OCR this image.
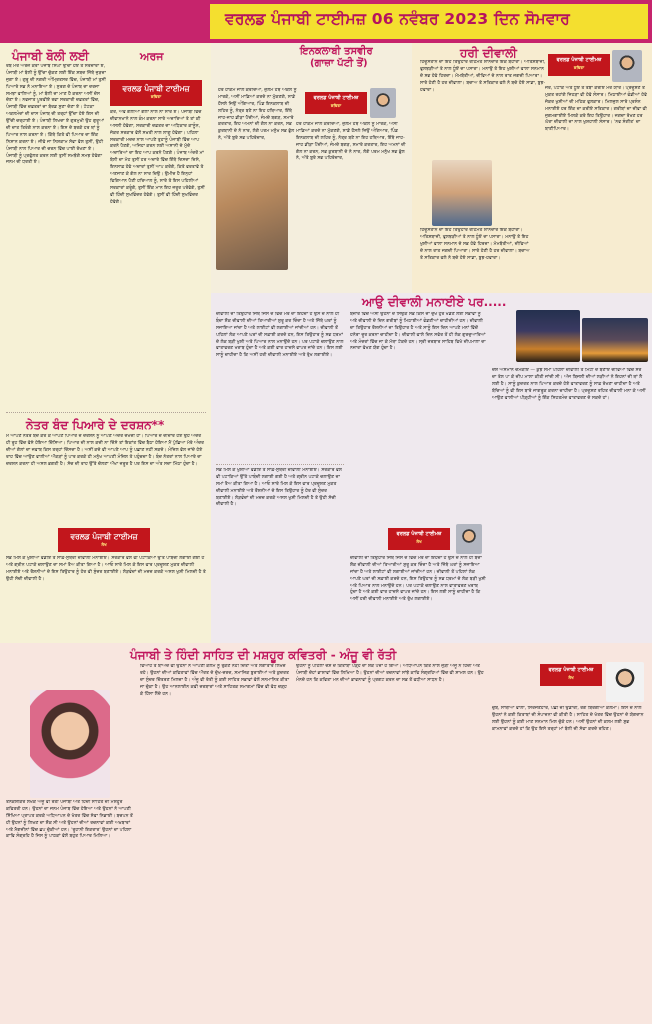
ਵਰਲਡ ਪੰਜਾਬੀ ਟਾਈਮਜ਼ 06 ਨਵੰਬਰ 2023 ਦਿਨ ਸੋਮਵਾਰ
ਪੰਜਾਬੀ ਬੋਲੀ ਲਈ	ਅਰਜ
ਵਰਲਡ ਪੰਜਾਬੀ ਟਾਈਮਜ਼
ਕਵਿਤਾ
ਰੱਬ ਮੇਰੇ ਅਰਜ਼ ਕਰਾਂ ਪੰਜਾਬ ਸਿੰਘਾਂ ਉੱਚਾ ਹੋਏ ਤੇ ਸਰਦਾਰਾ ਏ, ਪੰਜਾਬੀ ਮਾਂ ਬੋਲੀ ਨੂੰ ਉੱਚਾ ਚੁੱਕਣ ਲਈ ਇੱਕ ਸ਼ਬਦ ਜਿੱਥੇ ਜੁੜਦਾ ਜੁਗਾ ਏ। ਗੁਰੂ ਦੀ ਨਗਰੀ ਅੰਮ੍ਰਿਤਸਰ ਵਿੱਚ, ਪੰਜਾਬੀ ਮਾਂ ਤੁਸੀਂ ਪਿਆਰੇ ਸਭ ਨੇ ਮਨਾਇਆ ਏ। ਸੁਰਗ ਦੇ ਪੰਜਾਬ ਦਾ ਦਰਜਾ ਸਮਝਾ ਵਾਲਿਆਂ ਨੂੰ, ਮਾਂ ਬੋਲੀ ਦਾ ਮਾਣ ਹੈ ਕਰਨਾ ਅਸੀਂ ਦੱਸ ਦੇਣਾ ਏ। ਨਵਜਾਤ ਪੂਰਵੀਏ ਰਵਾ ਸਰਕਾਰੀ ਦਫ਼ਤਰਾਂ ਵਿੱਚ, ਪੰਜਾਬੀ ਵਿੱਚ ਦਫ਼ਤਰਾਂ ਦਾ ਬੋਰਡ ਸੁਣਾ ਦੇਣਾ ਏ। ਟੋਟਕਾ ਅਕਲਮੰਦਾਂ ਦੀ ਦਾਸ ਪੰਜਾਬ ਦੀ ਤਰ੍ਹਾਂ ਉੱਚਾ ਹੋਏ ਇਸ ਦੀ ਉੱਚੀ ਚਰ੍ਹਾਈ ਏ। ਪੰਜਾਬੀ ਲਿਖਦਾ ਏ ਗੁਰਮੁਖੀ ਉਹ ਗੁਰੂਆਂ ਦੀ ਦਾਤ ਤਿਰੰਗੇ ਨਾਲ ਕਰਨਾ ਏ। ਇਸ ਦੇ ਬਰਕੇ ਹਰ ਥਾਂ ਨੂੰ ਪਿਆਰ ਨਾਲ ਕਰਨਾ ਏ। ਕਿੱਥੇ ਕਿਤੇ ਵੀ ਪਿਆਰ ਦਾ ਇੱਕ ਨਿਸ਼ਾਨ ਕਰਨਾ ਏ। ਜੀਵੇ ਜਾ ਨਿਸ਼ਕਾਮ ਸੇਵਾ ਵੱਲ ਤੁਸੀਂ, ਉਹੀ ਪੰਜਾਬੀ ਨਾਲ ਪਿਆਰ ਦੀ ਚਰਨ ਵਿੱਚ ਪਾਈ ਰੱਖਣਾ ਏ। ਪੰਜਾਬੀ ਨੂੰ ਪ੍ਰਫੁੱਲਤ ਕਰਨ ਲਈ ਤੁਸੀਂ ਸਮਝੋਗੇ ਸਮਝ ਹੋਵੇਗਾ ਜਨਮ ਦੀ ਧਰਤੀ ਏ।
ਕਰੋ, ਐਵੇਂ ਗੱਲੀਆਂ ਗੱਲਾਂ ਨਾਲ ਨਾ ਸਾਰੋ ਏ। ਪੰਜਾਬੀ ਵਿੱਚ ਦੀਵਾਨਖਾਨੇ ਨਾਲ ਕੰਮ ਕਰਨਾ ਸਾਰੇ ਅਦਾਰਿਆਂ ਤੇ ਤਾਂ ਕੀ ਅਸਲੀ ਹੋਵੇਗਾ, ਸਰਕਾਰੀ ਦਫ਼ਤਰ ਦਾ ਅਧਿਕਾਰ ਕਾਨੂੰਨ, ਜੇਕਰ ਸਰਕਾਰ ਵੱਲੋਂ ਸਖ਼ਤੀ ਨਾਲ ਲਾਗੂ ਹੋਵੇਗਾ। ਪਹਿਲਾ ਸਰਕਾਰੀ ਮਦਦ ਨਾਲ ਆਪਣੇ ਤੁਹਾਨੂੰ ਪੰਜਾਬੀ ਵਿੱਚ ਆਪ ਕਰਨੇ ਪੈਣਗੇ, ਅਜਿਹਾ ਕਰਨ ਲਈ ਅਸਾਨੀ ਦੇ ਮੁੱਦੇ ਅਦਾਰਿਆਂ ਦਾ ਇਹ ਆਪ ਕਰਨੇ ਪੈਣਗੇ। ਪੰਜਾਬ ਅੰਦਰੋਂ ਮਾਂ ਬੋਲੀ ਦਾ ਮੋਹ ਤੁਸੀਂ ਹਰ ਅਦਾਰੇ ਵਿੱਚ ਇੱਥੇ ਦਿਸਦਾ ਦਿਸੇ, ਇਨਸਾਫ਼ ਹੋਵੇ ਅਦਾਰਾਂ ਤੁਸੀਂ ਆਪ ਕਰੋਗੇ, ਕਿਤੇ ਵਰਤਾਵੇ ਤੇ ਅਣਜਾਣ ਕੇ ਗੱਲ ਨਾ ਸਾਰ ਦਿਉ। ਉਮੀਦ ਹੈ ਇਨ੍ਹਾਂ ਵਿਗਿਆਨ ਪੈਣੀ ਹਰਿਆਲ ਨੂੰ, ਸਾਰੇ ਤੇ ਇਸ ਪਹਿਲੀਆਂ ਸਰਕਾਰਾਂ ਕਰੂੰਗੇ, ਤੁਸੀਂ ਇੱਕ ਮਾਨ ਇਹ ਜਰੂਰ ਪਰੋਵੇਗੇ, ਤੁਸੀਂ ਵੀ ਹਿੰਦੀ ਸੁਖਵਿੰਦਰ ਹੋਵੇਗੇ। ਤੁਸੀਂ ਵੀ ਹਿੰਦੀ ਸੁਖਵਿੰਦਰ ਹੋਵੇਗੇ।
ਨੇਤਰ ਬੰਦ ਪਿਆਰੇ ਦੇ ਦਰਸ਼ਨ**
ਵਰਲਡ ਪੰਜਾਬੀ ਟਾਈਮਜ਼
ਲੇਖ
ਮੈਂ ਆਪਣੇ ਨੇਤਰ ਬੰਦ ਕਰ ਕੇ ਆਪਣੇ ਪਿਆਰੇ ਦੇ ਦਰਸ਼ਨ ਨੂੰ ਆਪਣੇ ਅੰਦਰ ਦੇਖਦੀ ਹਾਂ। ਪਿਆਰੇ ਦੇ ਦੀਦਾਰ ਹੋਏ ਉਹ ਅੰਦਰ ਹੀ ਰੂਹ ਵਿੱਚ ਵੱਸੇ ਹੋਇਆ ਦਿੱਸਿਆ। ਪਿਆਰ ਦੀ ਨਾਲ ਕਦੀ ਨਾ ਦਿੱਸੇ ਤਾਂ ਇਕਾਂਤ ਵਿੱਚ ਬੈਠਾ ਹੋਇਆ ਮੈਂ ਪੁੱਛਿਆ ਮੇਰੇ ਅੰਦਰ ਦੀਆਂ ਗੱਲਾਂ ਦਾ ਜਵਾਬ ਕਿਸ ਤਰ੍ਹਾਂ ਦਿੱਸਦਾ ਹੈ। ਅਸੀਂ ਕਦੇ ਵੀ ਆਪਣੇ ਆਪ ਨੂੰ ਪਛਾਣ ਨਹੀਂ ਸਕਦੇ। ਮੰਜ਼ਿਲ ਵੱਲ ਜਾਂਦੇ ਹੋਏ ਰਾਹ ਵਿੱਚ ਆਉਣ ਵਾਲੀਆਂ ਔਕੜਾਂ ਨੂੰ ਪਾਰ ਕਰਕੇ ਹੀ ਮਨੁੱਖ ਆਪਣੀ ਮੰਜ਼ਿਲ ਤੇ ਪਹੁੰਚਦਾ ਹੈ। ਬੰਦ ਨੇਤਰਾਂ ਨਾਲ ਪਿਆਰੇ ਦਾ ਦਰਸ਼ਨ ਕਰਨਾ ਹੀ ਅਸਲ ਭਗਤੀ ਹੈ। ਸੱਚ ਦੀ ਰਾਹ ਉੱਤੇ ਚੱਲਣਾ ਔਖਾ ਜ਼ਰੂਰ ਹੈ ਪਰ ਇਸ ਦਾ ਅੰਤ ਸਦਾ ਮਿੱਠਾ ਹੁੰਦਾ ਹੈ।
ਸਭ ਮਿਲ ਕੇ ਖੁਸ਼ੀਆਂ ਵੰਡੀਏ ਤੇ ਸਾਫ਼-ਸੁਥਰੀ ਦੀਵਾਲੀ ਮਨਾਈਏ। ਸਰਕਾਰ ਵੱਲੋਂ ਵੀ ਪਟਾਕਿਆਂ ਉੱਤੇ ਪਾਬੰਦੀ ਲਗਾਈ ਗਈ ਹੈ ਅਤੇ ਗ੍ਰੀਨ ਪਟਾਕੇ ਚਲਾਉਣ ਦਾ ਸਮਾਂ ਤੈਅ ਕੀਤਾ ਗਿਆ ਹੈ। ਆਓ ਸਾਰੇ ਮਿਲ ਕੇ ਇਸ ਵਾਰ ਪ੍ਰਦੂਸ਼ਣ ਮੁਕਤ ਦੀਵਾਲੀ ਮਨਾਈਏ ਅਤੇ ਰੌਸ਼ਨੀਆਂ ਦੇ ਇਸ ਤਿਉਹਾਰ ਨੂੰ ਹੋਰ ਵੀ ਸੁੰਦਰ ਬਣਾਈਏ। ਲੋੜਵੰਦਾਂ ਦੀ ਮਦਦ ਕਰਕੇ ਅਸਲ ਖੁਸ਼ੀ ਮਿਲਦੀ ਹੈ ਤੇ ਉਹੀ ਸੱਚੀ ਦੀਵਾਲੀ ਹੈ।
ਇਨਕਲਾਬੀ ਤਸਵੀਰ
(ਗਾਜ਼ਾ ਪੱਟੀ ਤੋਂ)
ਵਰਲਡ ਪੰਜਾਬੀ ਟਾਈਮਜ਼
ਕਵਿਤਾ
ਹਰ ਹਾਕਮ ਜਾਲ ਕਰੇਂਦਿਆਂ, ਜ਼ੁਲਮ ਹੱਥ ਅਕਲ ਨੂੰ ਮਾਰਕੇ, ਅਸੀਂ ਮਾਡਿਆਂ ਕਰਦੇ ਨਾ ਮੁੱਕਣਗੇ, ਸਾਡੇ ਹੌਸਲੇ ਜਿਉਂ ਅੰਗਿਆਰ, ਪਿੰਡ ਇਨਕਲਾਬ ਦੀ ਲਹਿਰ ਨੂੰ, ਨੇਤ੍ਰ ਬਣੇ ਨਾ ਇਹ ਹਥਿਆਰ, ਇੱਥੇ ਜਾਹ-ਜਾਹ ਡੀੜਾ ਪੈਂਦੀਆਂ, ਜੰਮਦੇ ਬਗੜ, ਸਮਾਰੇ ਕਰਤਾਰ, ਇਹ ਅਮਨਾਂ ਦੀ ਗੱਲ ਨਾ ਕਰਨ, ਸਭ ਕੁਰਬਾਨੀ ਦੇ ਨੇ ਨਾਰ, ਲੱਗੇ ਪਰਮ ਮਨੁੱਖ ਸਭ ਭੁੱਲ ਨੇ, ਅੱਤੇ ਬੁਰੇ ਸਭ ਪਹਿਰੇਦਾਰ,
ਹਰ ਹਾਕਮ ਜਾਲ ਕਰੇਂਦਿਆਂ, ਜ਼ੁਲਮ ਹੱਥ ਅਕਲ ਨੂੰ ਮਾਰਕੇ, ਅਸੀਂ ਮਾਡਿਆਂ ਕਰਦੇ ਨਾ ਮੁੱਕਣਗੇ, ਸਾਡੇ ਹੌਸਲੇ ਜਿਉਂ ਅੰਗਿਆਰ, ਪਿੰਡ ਇਨਕਲਾਬ ਦੀ ਲਹਿਰ ਨੂੰ, ਨੇਤ੍ਰ ਬਣੇ ਨਾ ਇਹ ਹਥਿਆਰ, ਇੱਥੇ ਜਾਹ-ਜਾਹ ਡੀੜਾ ਪੈਂਦੀਆਂ, ਜੰਮਦੇ ਬਗੜ, ਸਮਾਰੇ ਕਰਤਾਰ, ਇਹ ਅਮਨਾਂ ਦੀ ਗੱਲ ਨਾ ਕਰਨ, ਸਭ ਕੁਰਬਾਨੀ ਦੇ ਨੇ ਨਾਰ, ਲੱਗੇ ਪਰਮ ਮਨੁੱਖ ਸਭ ਭੁੱਲ ਨੇ, ਅੱਤੇ ਬੁਰੇ ਸਭ ਪਹਿਰੇਦਾਰ,
ਹਰੀ ਦੀਵਾਲੀ	ਵਰਲਡ ਪੰਜਾਬੀ ਟਾਈਮਜ਼
ਕਵਿਤਾ
ਹਿੰਦੂਸਤਾਨ ਦਾ ਇਹ ਤਿਉਹਾਰ ਰਹਿਮਤ ਸ਼ਾਨਦਾਰ ਇੱਕ ਬਹਾਰਾ। ਅਤਿਸ਼ਬਾਜ਼ੀ, ਫੁਲਝੜੀਆਂ ਤੇ ਨਾਲ ਧੂੰਏਂ ਦਾ ਪਸਾਰਾ। ਮਨਾਉ ਤੇ ਇਹ ਖੁਸ਼ੀਆਂ ਵਾਲਾ ਸਨਮਾਨ ਦੇ ਸਭ ਹੋਵੇ ਹਿਰਦਾ। ਮੋਮਬੱਤੀਆਂ, ਦੀਵਿਆਂ ਦੇ ਨਾਲ ਰਾਤ ਜਗਦੀ ਪਿਆਰਾ। ਸਾਰੇ ਹੋਣੀ ਹੈ ਹਰ ਦੀਵਾਲਾ। ਬਚਾਅ ਤੇ ਸਤਿਕਾਰ ਵਲੇ ਨੇ ਬਚੇ ਹੋਏ ਸਾਡਾ, ਬੁਝ-ਹਵਾਰਾ।
ਹਿੰਦੂਸਤਾਨ ਦਾ ਇਹ ਤਿਉਹਾਰ ਰਹਿਮਤ ਸ਼ਾਨਦਾਰ ਇੱਕ ਬਹਾਰਾ। ਅਤਿਸ਼ਬਾਜ਼ੀ, ਫੁਲਝੜੀਆਂ ਤੇ ਨਾਲ ਧੂੰਏਂ ਦਾ ਪਸਾਰਾ। ਮਨਾਉ ਤੇ ਇਹ ਖੁਸ਼ੀਆਂ ਵਾਲਾ ਸਨਮਾਨ ਦੇ ਸਭ ਹੋਵੇ ਹਿਰਦਾ। ਮੋਮਬੱਤੀਆਂ, ਦੀਵਿਆਂ ਦੇ ਨਾਲ ਰਾਤ ਜਗਦੀ ਪਿਆਰਾ। ਸਾਰੇ ਹੋਣੀ ਹੈ ਹਰ ਦੀਵਾਲਾ। ਬਚਾਅ ਤੇ ਸਤਿਕਾਰ ਵਲੇ ਨੇ ਬਚੇ ਹੋਏ ਸਾਡਾ, ਬੁਝ-ਹਵਾਰਾ।
ਜੇਰ, ਪਟਾਕੇ ਅਤੇ ਧੂੰਏਂ ਤੋਂ ਤੌਬਾ ਕਰੀਏ ਮੇਰੇ ਯਾਰ। ਪ੍ਰਦੂਸ਼ਣ ਤੋਂ ਮੁਕਤ ਰਹਾਂਗੇ ਜਿਹੜਾ ਵੀ ਹੋਵੇ ਸੰਸਾਰ। ਮਿਠਾਈਆਂ ਵੰਡੀਆਂ ਹੋਵੇ ਜੇਕਰ ਖੁਸ਼ੀਆਂ ਦੀ ਮਹਿਕ ਫੁਲਕਾਰ। ਮਿਲਜੁਲ ਸਾਰੇ ਪ੍ਰਸੰਨ ਮਨਾਈਏ ਹਰ ਇੱਕ ਦਾ ਕਰੀਏ ਸਤਿਕਾਰ। ਗਰੀਬਾਂ ਦਾ ਦੀਵਾ ਵੀ ਜੁਗਮਗਾਈਏ ਮਿਲਕੇ ਕਰੇ ਇਹ ਤਿਉਹਾਰ। ਜਗਦਾ ਰੱਖਣ ਹਰ ਘੇਰਾ ਦੀਵਾਲੀ ਦਾ ਨਾਲ ਖੁਸ਼ਹਾਲੀ ਸੰਸਾਰ। 'ਨਵ ਸੰਗੀਤ' ਦਾ ਬਾਣੀਪਿਆਰ।
ਆਉ ਦੀਵਾਲੀ ਮਨਾਈਏ ਪਰ.....
ਦੀਵਾਲੀ ਦਾ ਤਿਉਹਾਰ ਜਿਥੇ ਜਿਸੇ ਦੇ ਵਿਚ ਮੇਰੇ ਦਾ ਇਹਦਾ ਹੈ ਉਸ ਦੇ ਨਾਲ ਹੀ ਬੰਦਾ ਸ਼ੌਕ ਦੀਵਾਲੀ ਦੀਆਂ ਤਿਆਰੀਆਂ ਸ਼ੁਰੂ ਕਰ ਦਿੰਦਾ ਹੈ ਅਤੇ ਜਿੱਥੇ ਘਰਾਂ ਨੂੰ ਸਜਾਇਆ ਜਾਂਦਾ ਹੈ ਅਤੇ ਲਾਈਟਾਂ ਵੀ ਲਗਾਈਆਂ ਜਾਂਦੀਆਂ ਹਨ। ਦੀਵਾਲੀ ਤੋਂ ਪਹਿਲਾਂ ਲੋਕ ਆਪਣੇ ਘਰਾਂ ਦੀ ਸਫ਼ਾਈ ਕਰਦੇ ਹਨ, ਇਸ ਤਿਉਹਾਰ ਨੂੰ ਸਭ ਧਰਮਾਂ ਦੇ ਲੋਕ ਬੜੀ ਖੁਸ਼ੀ ਅਤੇ ਪਿਆਰ ਨਾਲ ਮਨਾਉਂਦੇ ਹਨ। ਪਰ ਪਟਾਕੇ ਚਲਾਉਣ ਨਾਲ ਵਾਤਾਵਰਣ ਖਰਾਬ ਹੁੰਦਾ ਹੈ ਅਤੇ ਕਈ ਵਾਰ ਹਾਦਸੇ ਵਾਪਰ ਜਾਂਦੇ ਹਨ। ਇਸ ਲਈ ਸਾਨੂੰ ਚਾਹੀਦਾ ਹੈ ਕਿ ਅਸੀਂ ਹਰੀ ਦੀਵਾਲੀ ਮਨਾਈਏ ਅਤੇ ਰੁੱਖ ਲਗਾਈਏ।
ਸਭ ਮਿਲ ਕੇ ਖੁਸ਼ੀਆਂ ਵੰਡੀਏ ਤੇ ਸਾਫ਼-ਸੁਥਰੀ ਦੀਵਾਲੀ ਮਨਾਈਏ। ਸਰਕਾਰ ਵੱਲੋਂ ਵੀ ਪਟਾਕਿਆਂ ਉੱਤੇ ਪਾਬੰਦੀ ਲਗਾਈ ਗਈ ਹੈ ਅਤੇ ਗ੍ਰੀਨ ਪਟਾਕੇ ਚਲਾਉਣ ਦਾ ਸਮਾਂ ਤੈਅ ਕੀਤਾ ਗਿਆ ਹੈ। ਆਓ ਸਾਰੇ ਮਿਲ ਕੇ ਇਸ ਵਾਰ ਪ੍ਰਦੂਸ਼ਣ ਮੁਕਤ ਦੀਵਾਲੀ ਮਨਾਈਏ ਅਤੇ ਰੌਸ਼ਨੀਆਂ ਦੇ ਇਸ ਤਿਉਹਾਰ ਨੂੰ ਹੋਰ ਵੀ ਸੁੰਦਰ ਬਣਾਈਏ। ਲੋੜਵੰਦਾਂ ਦੀ ਮਦਦ ਕਰਕੇ ਅਸਲ ਖੁਸ਼ੀ ਮਿਲਦੀ ਹੈ ਤੇ ਉਹੀ ਸੱਚੀ ਦੀਵਾਲੀ ਹੈ।
ਬਜ਼ਾਰ ਵਿੱਚ ਅਸੀਂ ਉਹਨਾਂ ਦੇ ਸਿਉਂਕ ਸਭ ਕਿਸੇ ਦਾ ਦੁੱਖ ਹੁਰ ਖੇਡਣ ਲਈ ਸਭਾਵਾਂ ਨੂੰ ਅਤੇ ਦੀਵਾਲੀ ਦੇ ਦਿਨ ਗਰੀਬਾਂ ਨੂੰ ਮਿਠਾਈਆਂ ਵੰਡਣੀਆਂ ਚਾਹੀਦੀਆਂ ਹਨ। ਦੀਵਾਲੀ ਦਾ ਤਿਉਹਾਰ ਰੌਸ਼ਨੀਆਂ ਦਾ ਤਿਉਹਾਰ ਹੈ ਅਤੇ ਸਾਨੂੰ ਇਸ ਦਿਨ ਆਪਣੇ ਮਨਾਂ ਵਿੱਚੋਂ ਹਨੇਰਾ ਦੂਰ ਕਰਨਾ ਚਾਹੀਦਾ ਹੈ। ਦੀਵਾਲੀ ਵਾਲੇ ਦਿਨ ਸਵੇਰ ਤੋਂ ਹੀ ਲੋਕ ਗੁਰਦੁਆਰਿਆਂ ਅਤੇ ਮੰਦਰਾਂ ਵਿੱਚ ਜਾ ਕੇ ਮੱਥਾ ਟੇਕਦੇ ਹਨ। ਸ੍ਰੀ ਦਰਬਾਰ ਸਾਹਿਬ ਵਿਖੇ ਦੀਪਮਾਲਾ ਦਾ ਨਜ਼ਾਰਾ ਵੇਖਣ ਯੋਗ ਹੁੰਦਾ ਹੈ।
ਵਰਲਡ ਪੰਜਾਬੀ ਟਾਈਮਜ਼
ਲੇਖ
ਦੀਵਾਲੀ ਦਾ ਤਿਉਹਾਰ ਜਿਥੇ ਜਿਸੇ ਦੇ ਵਿਚ ਮੇਰੇ ਦਾ ਇਹਦਾ ਹੈ ਉਸ ਦੇ ਨਾਲ ਹੀ ਬੰਦਾ ਸ਼ੌਕ ਦੀਵਾਲੀ ਦੀਆਂ ਤਿਆਰੀਆਂ ਸ਼ੁਰੂ ਕਰ ਦਿੰਦਾ ਹੈ ਅਤੇ ਜਿੱਥੇ ਘਰਾਂ ਨੂੰ ਸਜਾਇਆ ਜਾਂਦਾ ਹੈ ਅਤੇ ਲਾਈਟਾਂ ਵੀ ਲਗਾਈਆਂ ਜਾਂਦੀਆਂ ਹਨ। ਦੀਵਾਲੀ ਤੋਂ ਪਹਿਲਾਂ ਲੋਕ ਆਪਣੇ ਘਰਾਂ ਦੀ ਸਫ਼ਾਈ ਕਰਦੇ ਹਨ, ਇਸ ਤਿਉਹਾਰ ਨੂੰ ਸਭ ਧਰਮਾਂ ਦੇ ਲੋਕ ਬੜੀ ਖੁਸ਼ੀ ਅਤੇ ਪਿਆਰ ਨਾਲ ਮਨਾਉਂਦੇ ਹਨ। ਪਰ ਪਟਾਕੇ ਚਲਾਉਣ ਨਾਲ ਵਾਤਾਵਰਣ ਖਰਾਬ ਹੁੰਦਾ ਹੈ ਅਤੇ ਕਈ ਵਾਰ ਹਾਦਸੇ ਵਾਪਰ ਜਾਂਦੇ ਹਨ। ਇਸ ਲਈ ਸਾਨੂੰ ਚਾਹੀਦਾ ਹੈ ਕਿ ਅਸੀਂ ਹਰੀ ਦੀਵਾਲੀ ਮਨਾਈਏ ਅਤੇ ਰੁੱਖ ਲਗਾਈਏ।
ਦੇਸ਼ੋ ਅਸਮਾਨ ਚਮਕੀਏ — ਕੁਝ ਸਮਾਂ ਪਹਿਲਾਂ ਦੀਵਾਲੀ ਤੇ ਮਿੱਟੀ ਦੇ ਬਣਾਏ ਦੀਵਿਆਂ ਵਿੱਚ ਸਰੋਂ ਦਾ ਤੇਲ ਪਾ ਕੇ ਦੀਪ ਮਾਲਾ ਕੀਤੀ ਜਾਂਦੀ ਸੀ। ਅੱਜ ਬਿਜਲੀ ਦੀਆਂ ਲੜੀਆਂ ਨੇ ਇਹਨਾਂ ਦੀ ਥਾਂ ਲੈ ਲਈ ਹੈ। ਸਾਨੂੰ ਕੁਦਰਤ ਨਾਲ ਪਿਆਰ ਕਰਦੇ ਹੋਏ ਵਾਤਾਵਰਣ ਨੂੰ ਸਾਫ਼ ਰੱਖਣਾ ਚਾਹੀਦਾ ਹੈ ਅਤੇ ਬੱਚਿਆਂ ਨੂੰ ਵੀ ਇਸ ਬਾਰੇ ਜਾਗਰੂਕ ਕਰਨਾ ਚਾਹੀਦਾ ਹੈ। ਪ੍ਰਦੂਸ਼ਣ ਰਹਿਤ ਦੀਵਾਲੀ ਮਨਾ ਕੇ ਅਸੀਂ ਆਉਣ ਵਾਲੀਆਂ ਪੀੜ੍ਹੀਆਂ ਨੂੰ ਇੱਕ ਸਿਹਤਮੰਦ ਵਾਤਾਵਰਣ ਦੇ ਸਕਦੇ ਹਾਂ।
ਪੰਜਾਬੀ ਤੇ ਹਿੰਦੀ ਸਾਹਿਤ ਦੀ ਮਸ਼ਹੂਰ ਕਵਿਤਰੀ - ਅੰਜੂ ਵੀ ਰੱਤੀ
ਤਨਕਸ਼ੀਕਰ ਲੇਖਕ ਅੰਜੂ ਵੀ ਰੱਤੀ ਪੰਜਾਬੀ ਅਤੇ ਹਿੰਦੀ ਸਾਹਿਤ ਦੀ ਮਸ਼ਹੂਰ ਕਵਿਤਰੀ ਹਨ। ਉਹਨਾਂ ਦਾ ਜਨਮ ਪੰਜਾਬ ਵਿੱਚ ਹੋਇਆ ਅਤੇ ਉਹਨਾਂ ਨੇ ਆਪਣੀ ਸਿੱਖਿਆ ਪ੍ਰਾਪਤ ਕਰਕੇ ਅਧਿਆਪਨ ਦੇ ਖੇਤਰ ਵਿੱਚ ਸੇਵਾ ਨਿਭਾਈ। ਬਚਪਨ ਤੋਂ ਹੀ ਉਹਨਾਂ ਨੂੰ ਲਿਖਣ ਦਾ ਸ਼ੌਕ ਸੀ ਅਤੇ ਉਹਨਾਂ ਦੀਆਂ ਰਚਨਾਵਾਂ ਕਈ ਅਖ਼ਬਾਰਾਂ ਅਤੇ ਮੈਗਜ਼ੀਨਾਂ ਵਿੱਚ ਛਪ ਚੁੱਕੀਆਂ ਹਨ। 'ਰੂਹਾਨੀ ਇਕਰਾਰ' ਉਹਨਾਂ ਦਾ ਪਹਿਲਾ ਕਾਵਿ ਸੰਗ੍ਰਹਿ ਹੈ ਜਿਸ ਨੂੰ ਪਾਠਕਾਂ ਵੱਲੋਂ ਬਹੁਤ ਪਿਆਰ ਮਿਲਿਆ।
ਵਿਆਹ ਤੋਂ ਬਾਅਦ ਵੀ ਉਹਨਾਂ ਨੇ ਆਪਣੀ ਕਲਮ ਨੂੰ ਰੁਕਣ ਨਹੀਂ ਦਿੱਤਾ ਅਤੇ ਲਗਾਤਾਰ ਲਿਖਦੇ ਰਹੇ। ਉਹਨਾਂ ਦੀਆਂ ਕਵਿਤਾਵਾਂ ਵਿੱਚ ਔਰਤ ਦੇ ਦੁੱਖ-ਦਰਦ, ਸਮਾਜਿਕ ਬੁਰਾਈਆਂ ਅਤੇ ਕੁਦਰਤ ਦਾ ਸੁੰਦਰ ਚਿੱਤਰਣ ਮਿਲਦਾ ਹੈ। ਅੰਜੂ ਵੀ ਰੱਤੀ ਨੂੰ ਕਈ ਸਾਹਿਤ ਸਭਾਵਾਂ ਵੱਲੋਂ ਸਨਮਾਨਿਤ ਕੀਤਾ ਜਾ ਚੁੱਕਾ ਹੈ। ਉਹ ਆਨਲਾਈਨ ਕਵੀ ਦਰਬਾਰਾਂ ਅਤੇ ਸਾਹਿਤਕ ਸਮਾਗਮਾਂ ਵਿੱਚ ਵੀ ਵੱਧ ਚੜ੍ਹ ਕੇ ਹਿੱਸਾ ਲੈਂਦੇ ਹਨ।
ਉਹਨਾਂ ਨੂੰ ਪਹਿਲਾ ਦੇਸ਼ ਦੇ ਕਿਤਾਬਾਂ ਪੜ੍ਹ ਦਾ ਸ਼ੌਕ ਪੈਦਾ ਹੋ ਗਿਆ। ਅਧਿਆਪਨ ਕਿੱਤੇ ਨਾਲ ਜੁੜੀ ਅੰਜੂ ਨੇ ਹਿੰਦੀ ਅਤੇ ਪੰਜਾਬੀ ਦੋਹਾਂ ਭਾਸ਼ਾਵਾਂ ਵਿੱਚ ਲਿਖਿਆ ਹੈ। ਉਹਨਾਂ ਦੀਆਂ ਰਚਨਾਵਾਂ ਸਾਂਝੇ ਕਾਵਿ ਸੰਗ੍ਰਹਿਆਂ ਵਿੱਚ ਵੀ ਸ਼ਾਮਲ ਹਨ। ਉਹ ਮੰਨਦੇ ਹਨ ਕਿ ਕਵਿਤਾ ਮਨ ਦੀਆਂ ਭਾਵਨਾਵਾਂ ਨੂੰ ਪ੍ਰਗਟ ਕਰਨ ਦਾ ਸਭ ਤੋਂ ਵਧੀਆ ਸਾਧਨ ਹੈ।
ਵਰਲਡ ਪੰਜਾਬੀ ਟਾਈਮਜ਼
ਲੇਖ
ਚੁੰਬ, ਸਾਥੀਆਂ ਵਾਲਾ, ਸਿਰਜਣਹਾਰੇ, ਪੰਛੀ ਦੀ ਉਡਾਰੀ, ਰੰਗ ਬਿਰੰਗੀਆਂ ਕਲਮਾਂ। ਇਸ ਦੇ ਨਾਲ ਉਹਨਾਂ ਨੇ ਕਈ ਕਿਤਾਬਾਂ ਦੀ ਸੰਪਾਦਨਾ ਵੀ ਕੀਤੀ ਹੈ। ਸਾਹਿਤ ਦੇ ਖੇਤਰ ਵਿੱਚ ਉਹਨਾਂ ਦੇ ਯੋਗਦਾਨ ਲਈ ਉਹਨਾਂ ਨੂੰ ਕਈ ਮਾਣ ਸਨਮਾਨ ਮਿਲ ਚੁੱਕੇ ਹਨ। ਅਸੀਂ ਉਹਨਾਂ ਦੀ ਕਲਮ ਲਈ ਸ਼ੁਭ ਕਾਮਨਾਵਾਂ ਕਰਦੇ ਹਾਂ ਕਿ ਉਹ ਇਸੇ ਤਰ੍ਹਾਂ ਮਾਂ ਬੋਲੀ ਦੀ ਸੇਵਾ ਕਰਦੇ ਰਹਿਣ।
